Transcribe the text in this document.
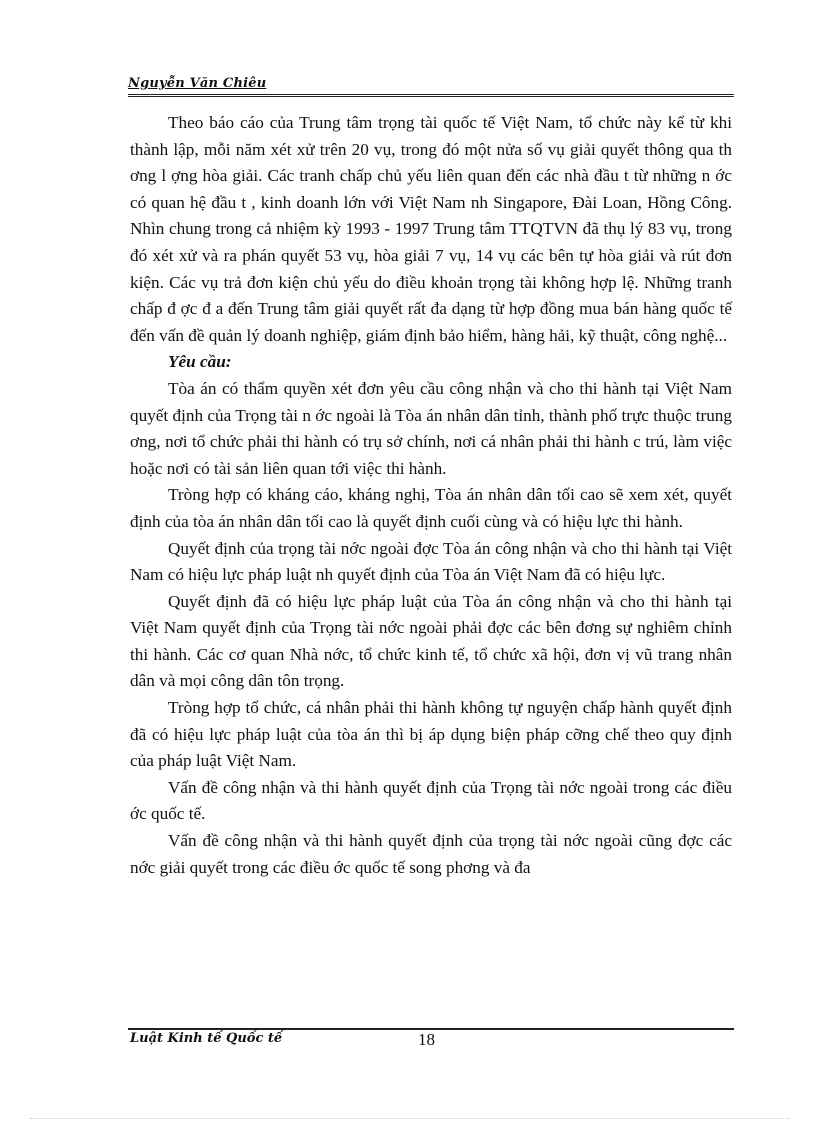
Nguyễn Văn Chiêu

Theo báo cáo của Trung tâm trọng tài quốc tế Việt Nam, tổ chức này kể từ khi thành lập, mỗi năm xét xử trên 20 vụ, trong đó một nửa số vụ giải quyết thông qua th ơng l ợng hòa giải. Các tranh chấp chủ yếu liên quan đến các nhà đầu t từ những n ớc có quan hệ đầu t , kinh doanh lớn với Việt Nam nh Singapore, Đài Loan, Hồng Công. Nhìn chung trong cả nhiệm kỳ 1993 - 1997 Trung tâm TTQTVN đã thụ lý 83 vụ, trong đó xét xử và ra phán quyết 53 vụ, hòa giải 7 vụ, 14 vụ các bên tự hòa giải và rút đơn kiện. Các vụ trả đơn kiện chủ yếu do điều khoản trọng tài không hợp lệ. Những tranh chấp đ ợc đ a đến Trung tâm giải quyết rất đa dạng từ hợp đồng mua bán hàng quốc tế đến vấn đề quản lý doanh nghiệp, giám định bảo hiểm, hàng hải, kỹ thuật, công nghệ...

Yêu cầu:

Tòa án có thẩm quyền xét đơn yêu cầu công nhận và cho thi hành tại Việt Nam quyết định của Trọng tài n ớc ngoài là Tòa án nhân dân tỉnh, thành phố trực thuộc trung ơng, nơi tổ chức phải thi hành có trụ sở chính, nơi cá nhân phải thi hành c trú, làm việc hoặc nơi có tài sản liên quan tới việc thi hành.

Tròng hợp có kháng cáo, kháng nghị, Tòa án nhân dân tối cao sẽ xem xét, quyết định của tòa án nhân dân tối cao là quyết định cuối cùng và có hiệu lực thi hành.

Quyết định của trọng tài nớc ngoài đợc Tòa án công nhận và cho thi hành tại Việt Nam có hiệu lực pháp luật nh quyết định của Tòa án Việt Nam đã có hiệu lực.

Quyết định đã có hiệu lực pháp luật của Tòa án công nhận và cho thi hành tại Việt Nam quyết định của Trọng tài nớc ngoài phải đợc các bên đơng sự nghiêm chỉnh thi hành. Các cơ quan Nhà nớc, tổ chức kinh tế, tổ chức xã hội, đơn vị vũ trang nhân dân và mọi công dân tôn trọng.

Tròng hợp tổ chức, cá nhân phải thi hành không tự nguyện chấp hành quyết định đã có hiệu lực pháp luật của tòa án thì bị áp dụng biện pháp cỡng chế theo quy định của pháp luật Việt Nam.

Vấn đề công nhận và thi hành quyết định của Trọng tài nớc ngoài trong các điều ớc quốc tế.

Vấn đề công nhận và thi hành quyết định của trọng tài nớc ngoài cũng đợc các nớc giải quyết trong các điều ớc quốc tế song phơng và đa

Luật Kinh tế Quốc tế	18
